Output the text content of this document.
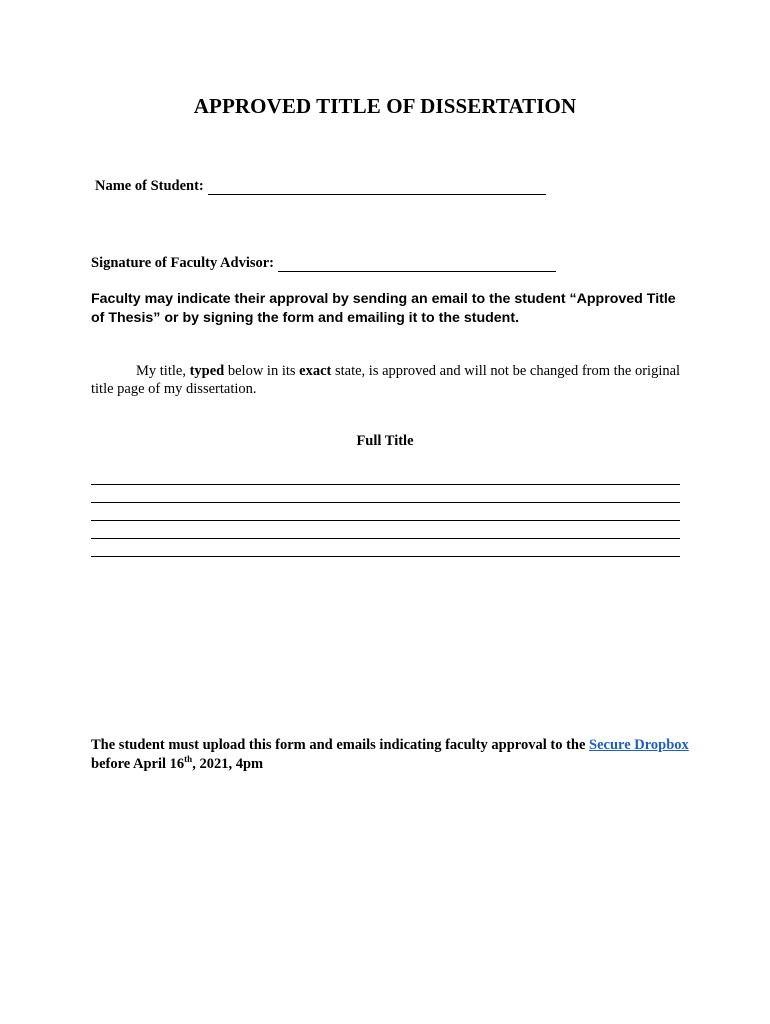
APPROVED TITLE OF DISSERTATION
Name of Student:
Signature of Faculty Advisor:
Faculty may indicate their approval by sending an email to the student “Approved Title of Thesis” or by signing the form and emailing it to the student.
My title, typed below in its exact state, is approved and will not be changed from the original title page of my dissertation.
Full Title
The student must upload this form and emails indicating faculty approval to the Secure Dropbox before April 16th, 2021, 4pm
